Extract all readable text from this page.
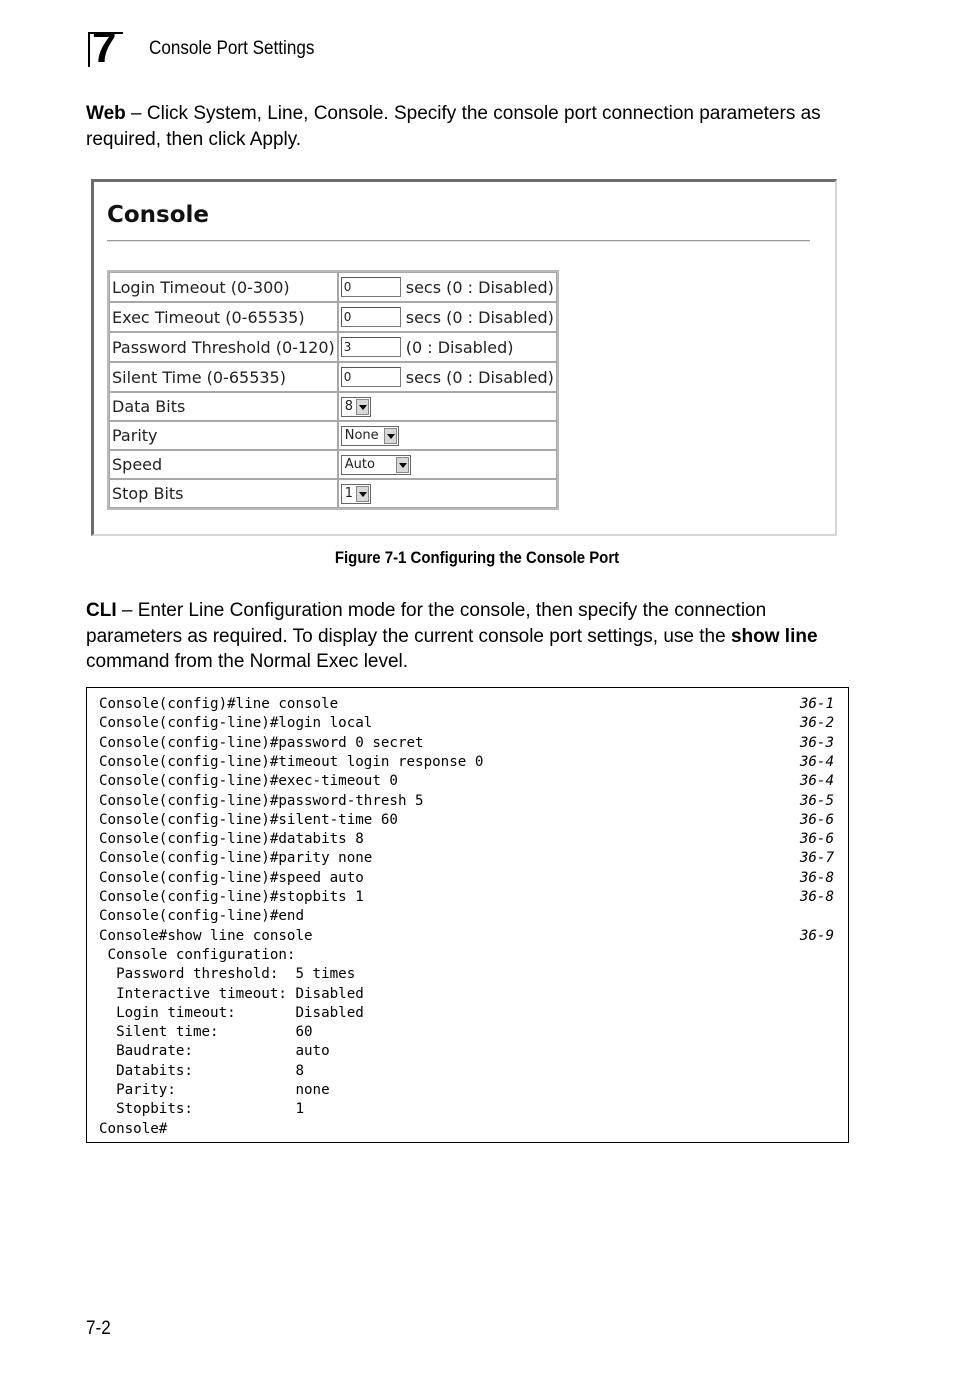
7 Console Port Settings
Web – Click System, Line, Console. Specify the console port connection parameters as required, then click Apply.
Console
Login Timeout (0-300)	0 secs (0 : Disabled)
Exec Timeout (0-65535)	0 secs (0 : Disabled)
Password Threshold (0-120)	3 (0 : Disabled)
Silent Time (0-65535)	0 secs (0 : Disabled)
Data Bits	8

Parity	None

Speed	Auto

Stop Bits	1
Figure 7-1 Configuring the Console Port
CLI – Enter Line Configuration mode for the console, then specify the connection parameters as required. To display the current console port settings, use the show line command from the Normal Exec level.
Console(config)#line console	36-1
Console(config-line)#login local	36-2
Console(config-line)#password 0 secret	36-3
Console(config-line)#timeout login response 0	36-4
Console(config-line)#exec-timeout 0	36-4
Console(config-line)#password-thresh 5	36-5
Console(config-line)#silent-time 60	36-6
Console(config-line)#databits 8	36-6
Console(config-line)#parity none	36-7
Console(config-line)#speed auto	36-8
Console(config-line)#stopbits 1	36-8
Console(config-line)#end
Console#show line console	36-9
Console configuration:
Password threshold:  5 times
Interactive timeout: Disabled
Login timeout:       Disabled
Silent time:         60
Baudrate:            auto
Databits:            8
Parity:              none
Stopbits:            1
Console#
7-2
